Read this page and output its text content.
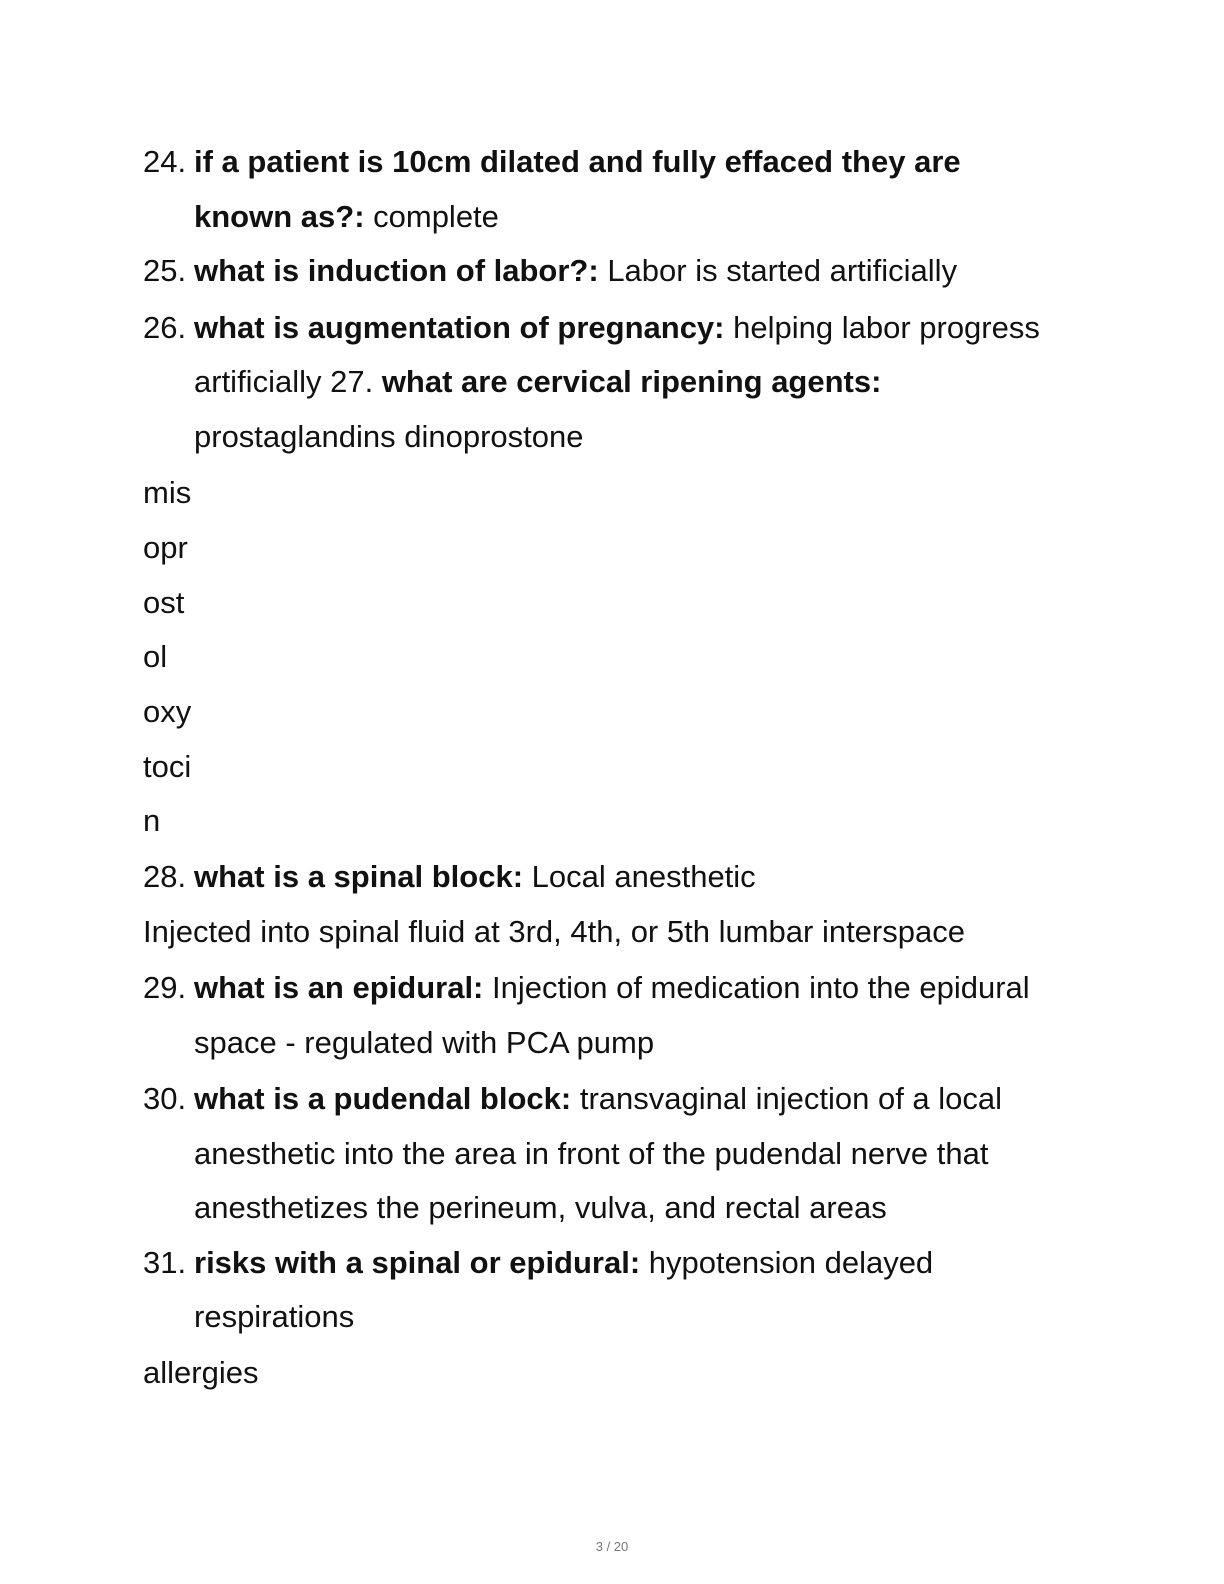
24. if a patient is 10cm dilated and fully effaced they are
known as?: complete
25. what is induction of labor?: Labor is started artificially
26. what is augmentation of pregnancy: helping labor progress
artificially 27. what are cervical ripening agents:
prostaglandins dinoprostone
mis
opr
ost
ol
oxy
toci
n
28. what is a spinal block: Local anesthetic
Injected into spinal fluid at 3rd, 4th, or 5th lumbar interspace
29. what is an epidural: Injection of medication into the epidural
space - regulated with PCA pump
30. what is a pudendal block: transvaginal injection of a local
anesthetic into the area in front of the pudendal nerve that
anesthetizes the perineum, vulva, and rectal areas
31. risks with a spinal or epidural: hypotension delayed
respirations
allergies
3 / 20
